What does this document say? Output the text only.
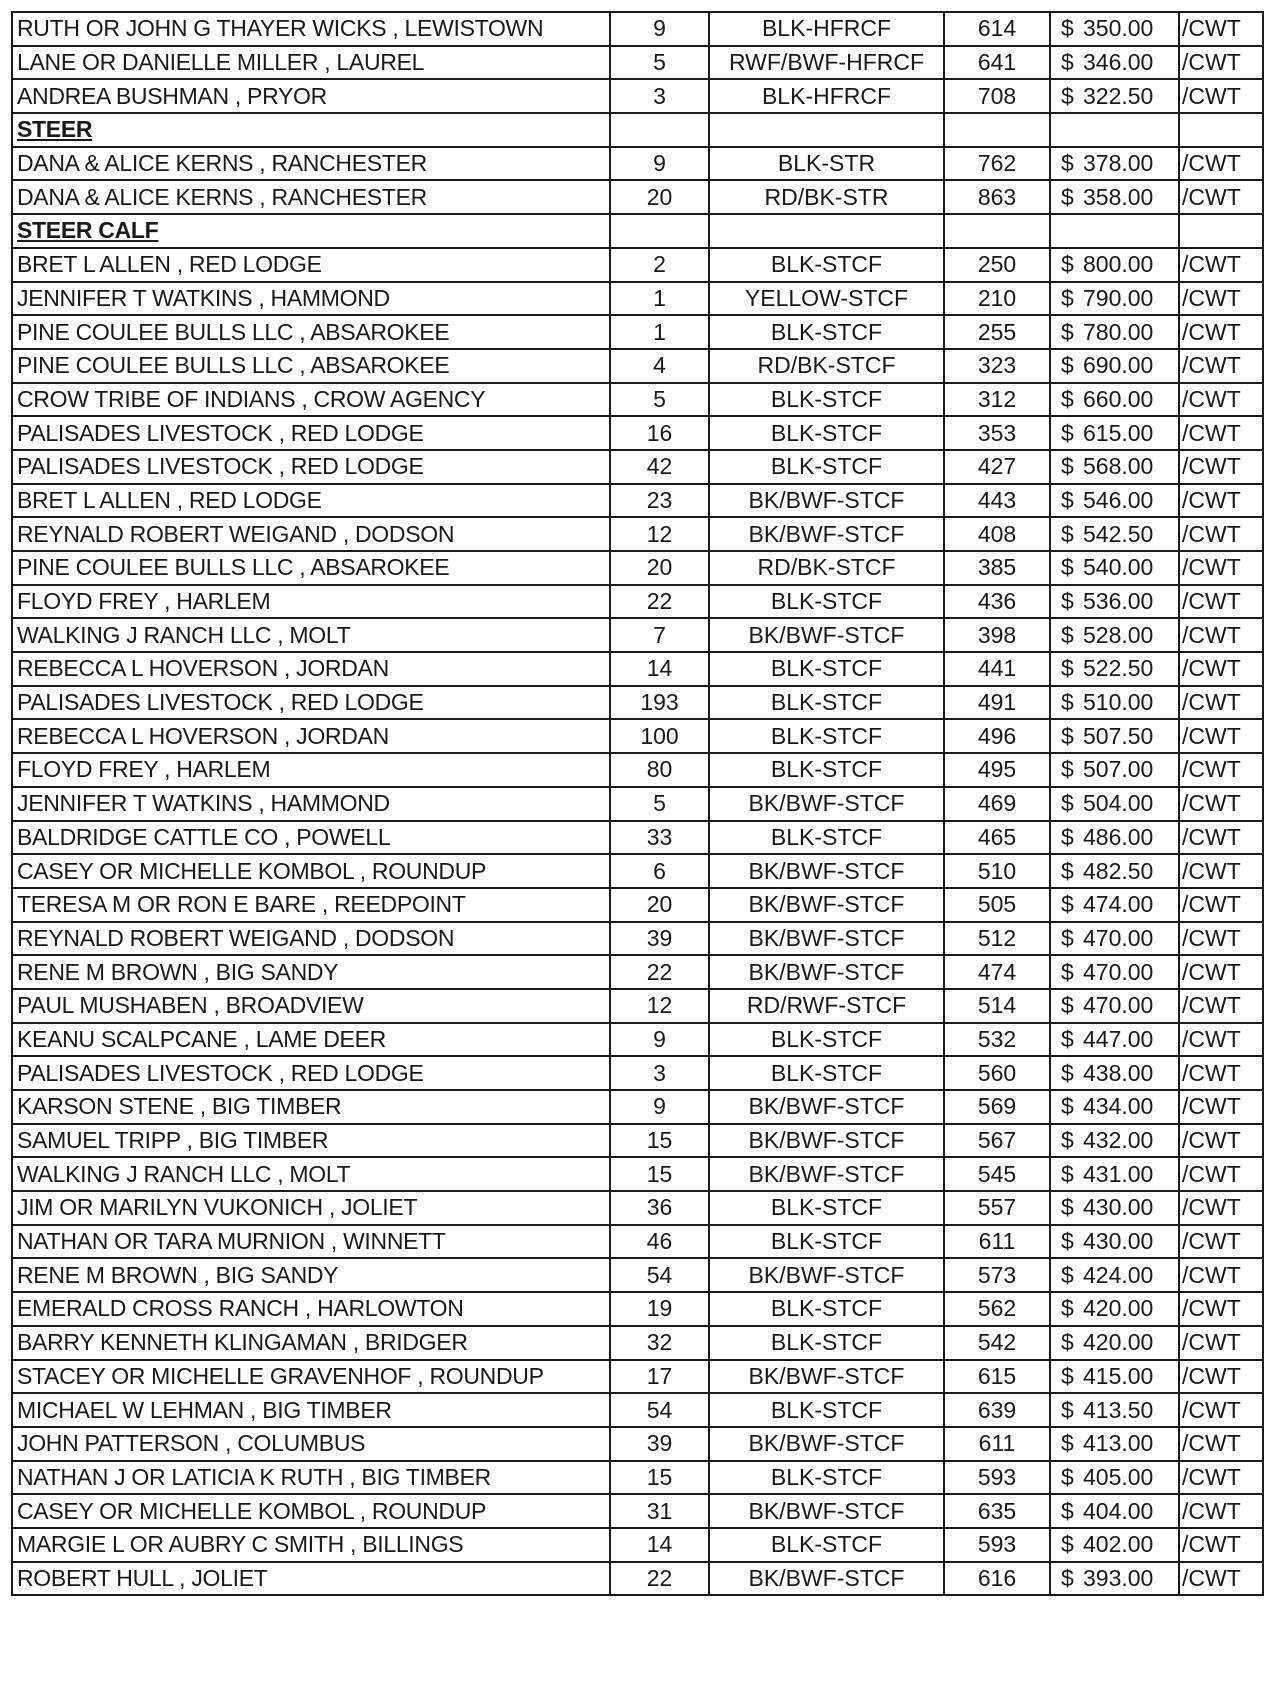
RUTH OR JOHN G THAYER WICKS , LEWISTOWN	9	BLK-HFRCF	614	$ 350.00	/CWT
LANE OR DANIELLE MILLER , LAUREL	5	RWF/BWF-HFRCF	641	$ 346.00	/CWT
ANDREA BUSHMAN , PRYOR	3	BLK-HFRCF	708	$ 322.50	/CWT
STEER					
DANA & ALICE KERNS , RANCHESTER	9	BLK-STR	762	$ 378.00	/CWT
DANA & ALICE KERNS , RANCHESTER	20	RD/BK-STR	863	$ 358.00	/CWT
STEER CALF					
BRET L ALLEN , RED LODGE	2	BLK-STCF	250	$ 800.00	/CWT
JENNIFER T WATKINS , HAMMOND	1	YELLOW-STCF	210	$ 790.00	/CWT
PINE COULEE BULLS LLC , ABSAROKEE	1	BLK-STCF	255	$ 780.00	/CWT
PINE COULEE BULLS LLC , ABSAROKEE	4	RD/BK-STCF	323	$ 690.00	/CWT
CROW TRIBE OF INDIANS , CROW AGENCY	5	BLK-STCF	312	$ 660.00	/CWT
PALISADES LIVESTOCK , RED LODGE	16	BLK-STCF	353	$ 615.00	/CWT
PALISADES LIVESTOCK , RED LODGE	42	BLK-STCF	427	$ 568.00	/CWT
BRET L ALLEN , RED LODGE	23	BK/BWF-STCF	443	$ 546.00	/CWT
REYNALD ROBERT WEIGAND , DODSON	12	BK/BWF-STCF	408	$ 542.50	/CWT
PINE COULEE BULLS LLC , ABSAROKEE	20	RD/BK-STCF	385	$ 540.00	/CWT
FLOYD FREY , HARLEM	22	BLK-STCF	436	$ 536.00	/CWT
WALKING J RANCH LLC , MOLT	7	BK/BWF-STCF	398	$ 528.00	/CWT
REBECCA L HOVERSON , JORDAN	14	BLK-STCF	441	$ 522.50	/CWT
PALISADES LIVESTOCK , RED LODGE	193	BLK-STCF	491	$ 510.00	/CWT
REBECCA L HOVERSON , JORDAN	100	BLK-STCF	496	$ 507.50	/CWT
FLOYD FREY , HARLEM	80	BLK-STCF	495	$ 507.00	/CWT
JENNIFER T WATKINS , HAMMOND	5	BK/BWF-STCF	469	$ 504.00	/CWT
BALDRIDGE CATTLE CO , POWELL	33	BLK-STCF	465	$ 486.00	/CWT
CASEY OR MICHELLE KOMBOL , ROUNDUP	6	BK/BWF-STCF	510	$ 482.50	/CWT
TERESA M OR RON E BARE , REEDPOINT	20	BK/BWF-STCF	505	$ 474.00	/CWT
REYNALD ROBERT WEIGAND , DODSON	39	BK/BWF-STCF	512	$ 470.00	/CWT
RENE M BROWN , BIG SANDY	22	BK/BWF-STCF	474	$ 470.00	/CWT
PAUL MUSHABEN , BROADVIEW	12	RD/RWF-STCF	514	$ 470.00	/CWT
KEANU SCALPCANE , LAME DEER	9	BLK-STCF	532	$ 447.00	/CWT
PALISADES LIVESTOCK , RED LODGE	3	BLK-STCF	560	$ 438.00	/CWT
KARSON STENE , BIG TIMBER	9	BK/BWF-STCF	569	$ 434.00	/CWT
SAMUEL TRIPP , BIG TIMBER	15	BK/BWF-STCF	567	$ 432.00	/CWT
WALKING J RANCH LLC , MOLT	15	BK/BWF-STCF	545	$ 431.00	/CWT
JIM OR MARILYN VUKONICH , JOLIET	36	BLK-STCF	557	$ 430.00	/CWT
NATHAN OR TARA MURNION , WINNETT	46	BLK-STCF	611	$ 430.00	/CWT
RENE M BROWN , BIG SANDY	54	BK/BWF-STCF	573	$ 424.00	/CWT
EMERALD CROSS RANCH , HARLOWTON	19	BLK-STCF	562	$ 420.00	/CWT
BARRY KENNETH KLINGAMAN , BRIDGER	32	BLK-STCF	542	$ 420.00	/CWT
STACEY OR MICHELLE GRAVENHOF , ROUNDUP	17	BK/BWF-STCF	615	$ 415.00	/CWT
MICHAEL W LEHMAN , BIG TIMBER	54	BLK-STCF	639	$ 413.50	/CWT
JOHN PATTERSON , COLUMBUS	39	BK/BWF-STCF	611	$ 413.00	/CWT
NATHAN J OR LATICIA K RUTH , BIG TIMBER	15	BLK-STCF	593	$ 405.00	/CWT
CASEY OR MICHELLE KOMBOL , ROUNDUP	31	BK/BWF-STCF	635	$ 404.00	/CWT
MARGIE L OR AUBRY C SMITH , BILLINGS	14	BLK-STCF	593	$ 402.00	/CWT
ROBERT HULL , JOLIET	22	BK/BWF-STCF	616	$ 393.00	/CWT
